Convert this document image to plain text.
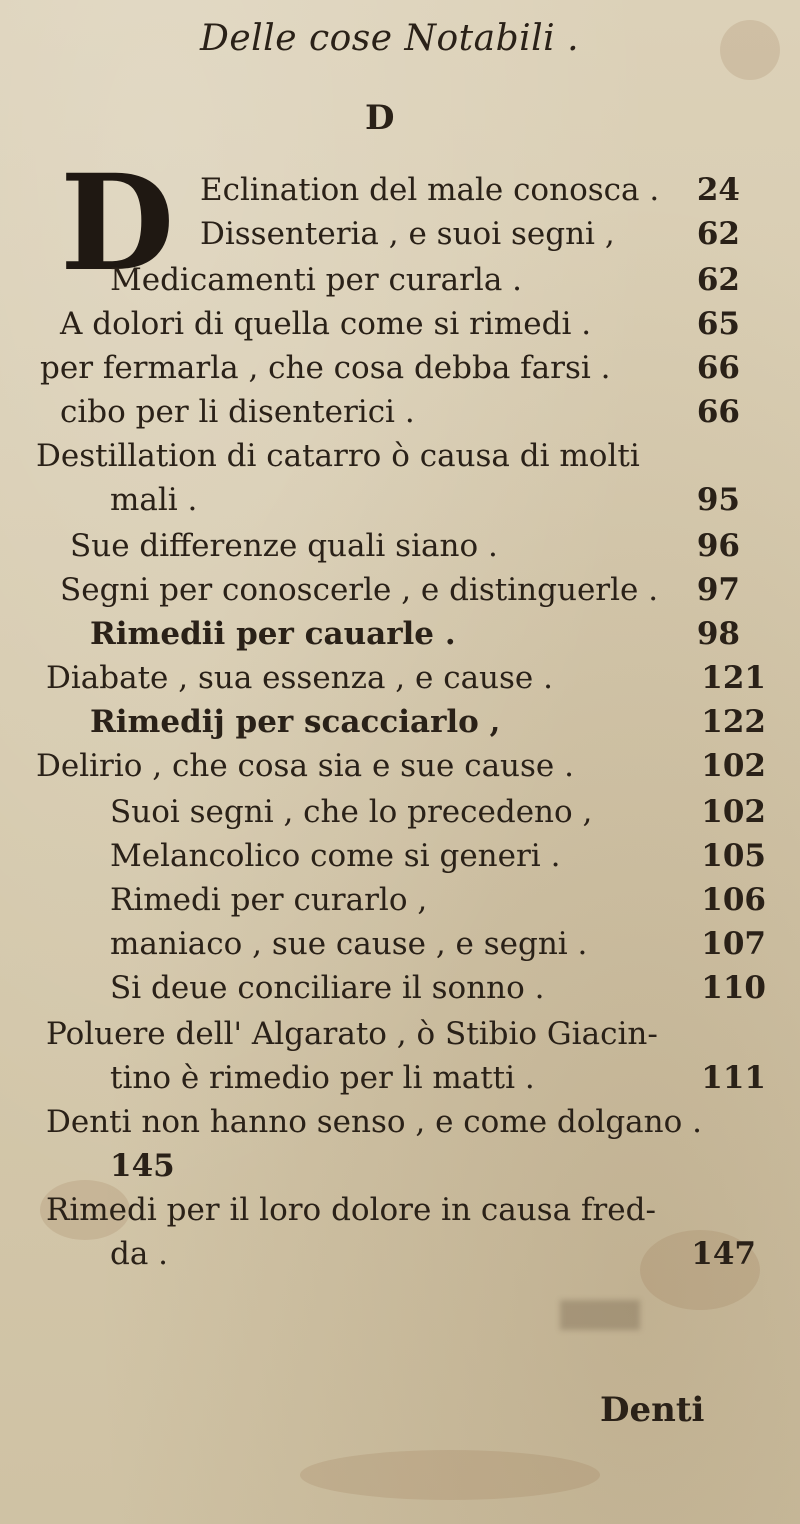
Delle cose Notabili .
D
D Eclination del male conosca . 24
Dissenteria , e suoi segni ,	62
Medicamenti per curarla .	62
A dolori di quella come si rimedi .	65
per fermarla , che cosa debba farsi .	66
cibo per li disenterici .	66
Destillation di catarro ò causa di molti
mali .	95
Sue differenze quali siano .	96
Segni per conoscerle , e distinguerle . 97
Rimedii per cauarle .	98
Diabate , sua essenza , e cause .	121
Rimedij per scacciarlo ,	122
Delirio , che cosa sia e sue cause .	102
Suoi segni , che lo precedeno ,	102
Melancolico come si generi .	105
Rimedi per curarlo ,	106
maniaco , sue cause , e segni .	107
Si deue conciliare il sonno .	110
Poluere dell' Algarato , ò Stibio Giacin-
tino è rimedio per li matti .	111
Denti non hanno senso , e come dolgano .
145
Rimedi per il loro dolore in causa fred-
da .	147
Denti
